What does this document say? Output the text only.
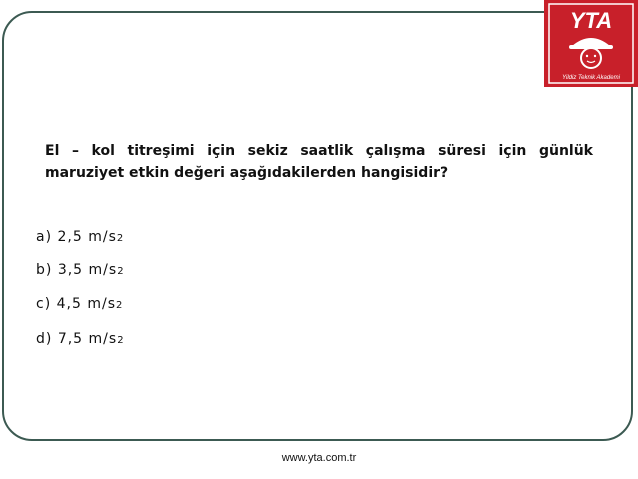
YTA
Yildiz Teknik Akademi
El – kol titreşimi için sekiz saatlik çalışma süresi için günlük maruziyet etkin değeri aşağıdakilerden hangisidir?
a) 2,5 m/s2
b) 3,5 m/s2
c) 4,5 m/s2
d) 7,5 m/s2
www.yta.com.tr
